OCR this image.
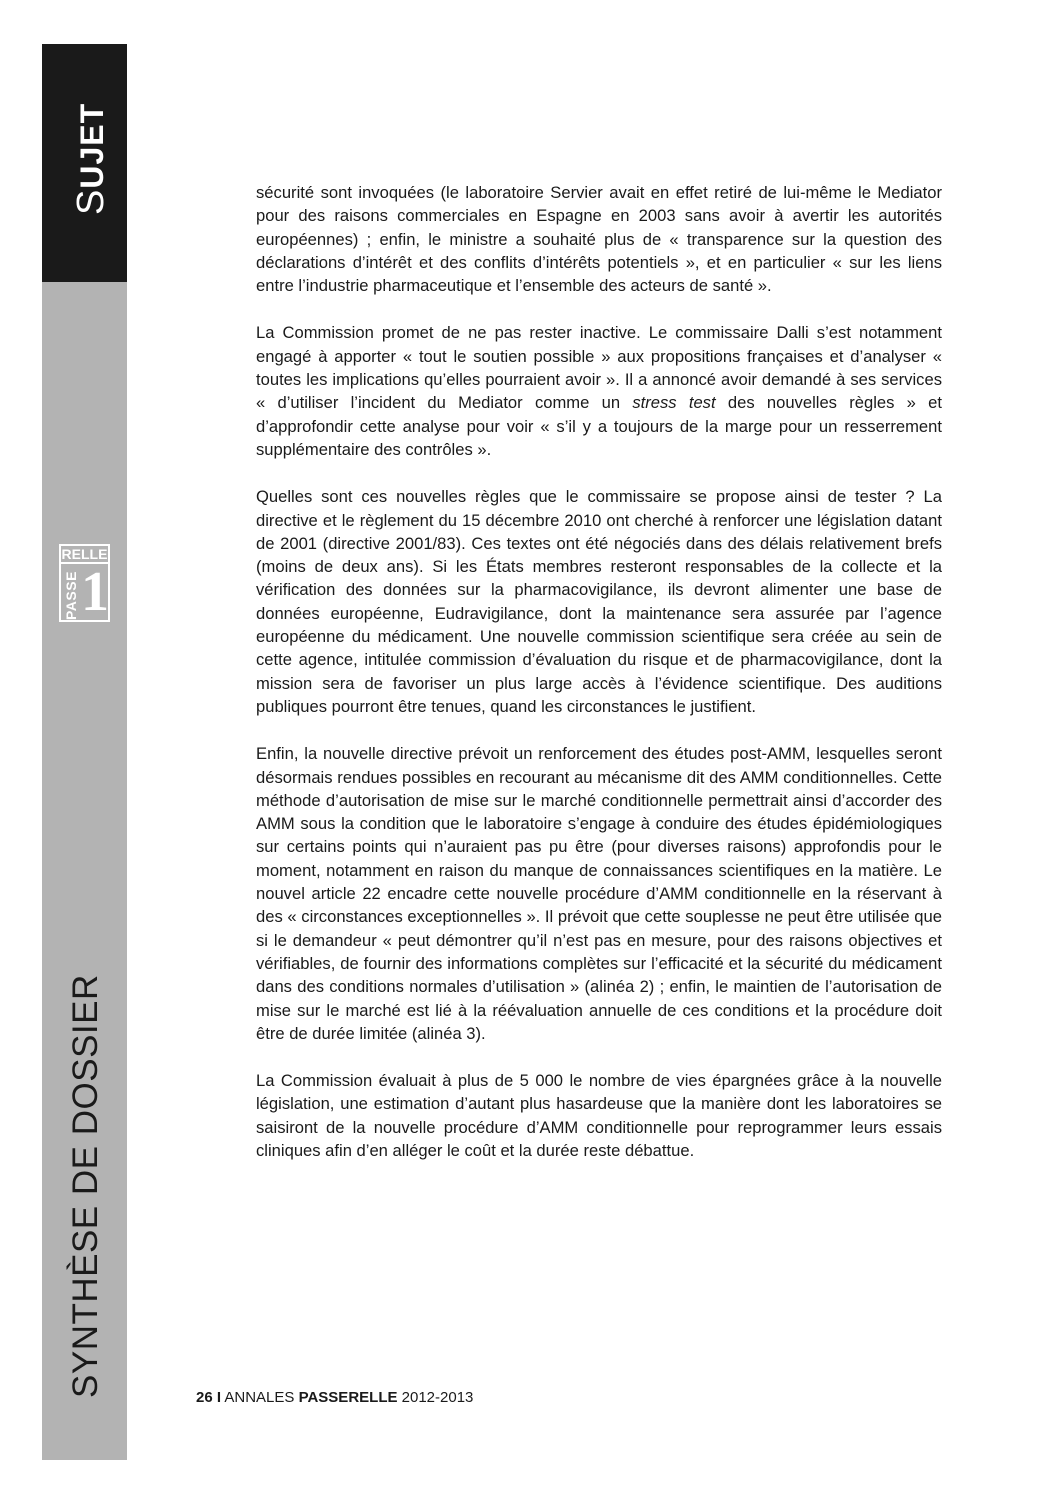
SUJET
RELLE
PASSE 1
SYNTHÈSE DE DOSSIER

sécurité sont invoquées (le laboratoire Servier avait en effet retiré de lui-même le Mediator pour des raisons commerciales en Espagne en 2003 sans avoir à avertir les autorités européennes) ; enfin, le ministre a souhaité plus de « transparence sur la question des déclarations d’intérêt et des conflits d’intérêts potentiels », et en particulier « sur les liens entre l’industrie pharmaceutique et l’ensemble des acteurs de santé ».

La Commission promet de ne pas rester inactive. Le commissaire Dalli s’est notamment engagé à apporter « tout le soutien possible » aux propositions françaises et d’analyser « toutes les implications qu’elles pourraient avoir ». Il a annoncé avoir demandé à ses services « d’utiliser l’incident du Mediator comme un stress test des nouvelles règles » et d’approfondir cette analyse pour voir « s’il y a toujours de la marge pour un resserrement supplémentaire des contrôles ».

Quelles sont ces nouvelles règles que le commissaire se propose ainsi de tester ? La directive et le règlement du 15 décembre 2010 ont cherché à renforcer une législation datant de 2001 (directive 2001/83). Ces textes ont été négociés dans des délais relativement brefs (moins de deux ans). Si les États membres resteront responsables de la collecte et la vérification des données sur la pharmacovigilance, ils devront alimenter une base de données européenne, Eudravigilance, dont la maintenance sera assurée par l’agence européenne du médicament. Une nouvelle commission scientifique sera créée au sein de cette agence, intitulée commission d’évaluation du risque et de pharmacovigilance, dont la mission sera de favoriser un plus large accès à l’évidence scientifique. Des auditions publiques pourront être tenues, quand les circonstances le justifient.

Enfin, la nouvelle directive prévoit un renforcement des études post-AMM, lesquelles seront désormais rendues possibles en recourant au mécanisme dit des AMM conditionnelles. Cette méthode d’autorisation de mise sur le marché conditionnelle permettrait ainsi d’accorder des AMM sous la condition que le laboratoire s’engage à conduire des études épidémiologiques sur certains points qui n’auraient pas pu être (pour diverses raisons) approfondis pour le moment, notamment en raison du manque de connaissances scientifiques en la matière. Le nouvel article 22 encadre cette nouvelle procédure d’AMM conditionnelle en la réservant à des « circonstances exceptionnelles ». Il prévoit que cette souplesse ne peut être utilisée que si le demandeur « peut démontrer qu’il n’est pas en mesure, pour des raisons objectives et vérifiables, de fournir des informations complètes sur l’efficacité et la sécurité du médicament dans des conditions normales d’utilisation » (alinéa 2) ; enfin, le maintien de l’autorisation de mise sur le marché est lié à la réévaluation annuelle de ces conditions et la procédure doit être de durée limitée (alinéa 3).

La Commission évaluait à plus de 5 000 le nombre de vies épargnées grâce à la nouvelle législation, une estimation d’autant plus hasardeuse que la manière dont les laboratoires se saisiront de la nouvelle procédure d’AMM conditionnelle pour reprogrammer leurs essais cliniques afin d’en alléger le coût et la durée reste débattue.

26 I ANNALES PASSERELLE 2012-2013
